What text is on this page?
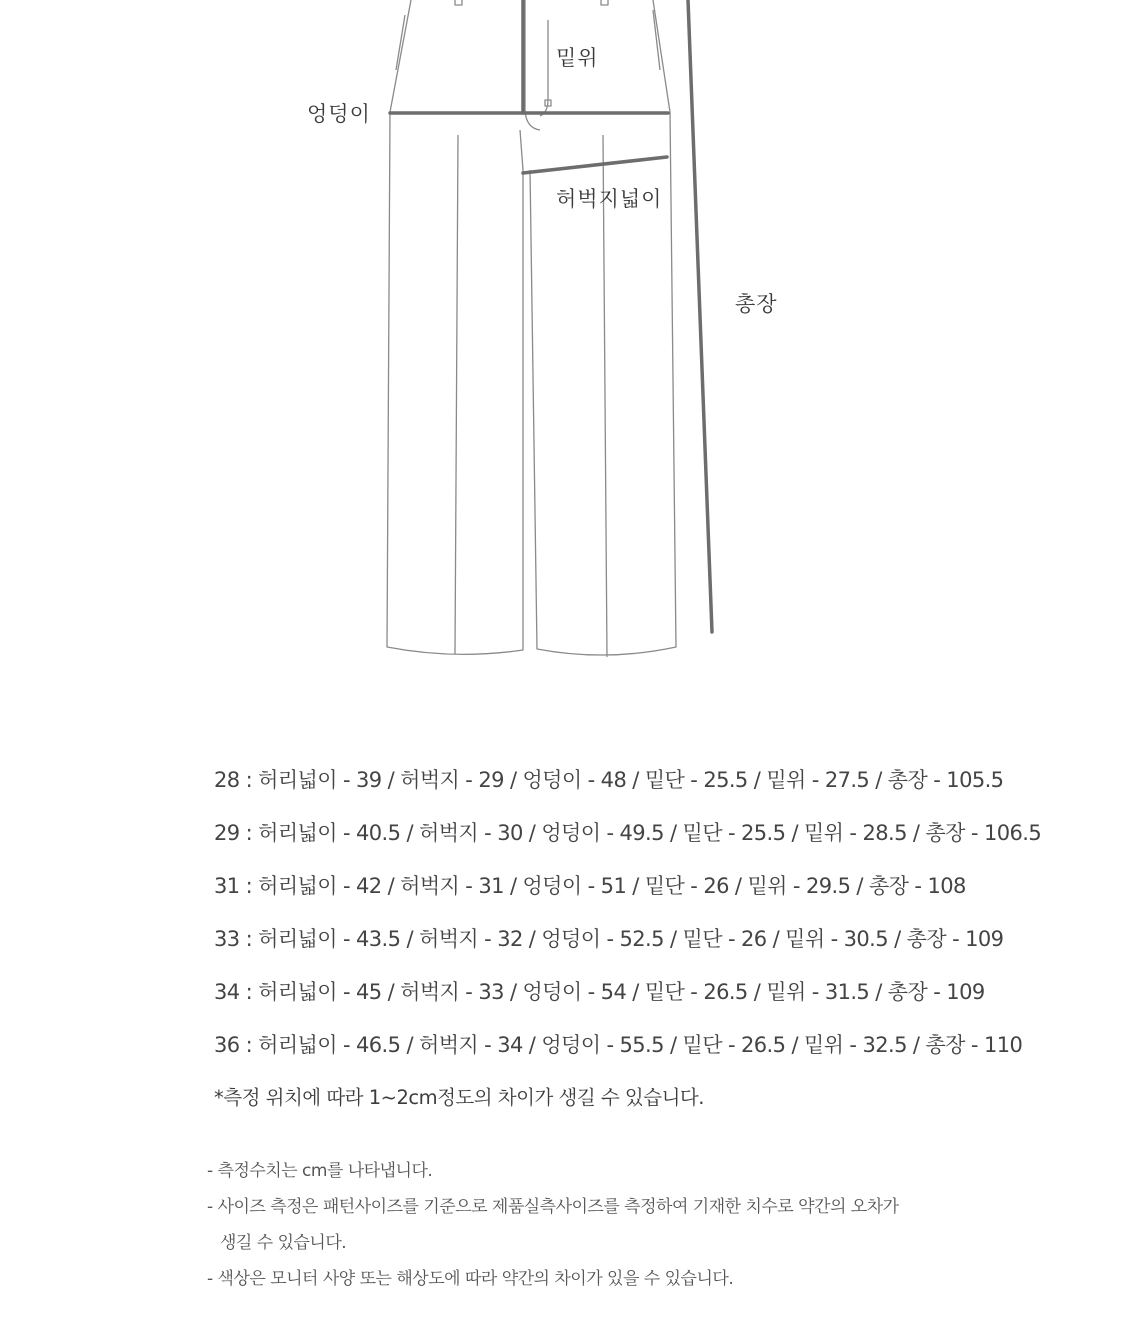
밑위
엉덩이
허벅지넓이
총장
28 : 허리넓이 - 39 / 허벅지 - 29 / 엉덩이 - 48 / 밑단 - 25.5 / 밑위 - 27.5 / 총장 - 105.5
29 : 허리넓이 - 40.5 / 허벅지 - 30 / 엉덩이 - 49.5 / 밑단 - 25.5 / 밑위 - 28.5 / 총장 - 106.5
31 : 허리넓이 - 42 / 허벅지 - 31 / 엉덩이 - 51 / 밑단 - 26 / 밑위 - 29.5 / 총장 - 108
33 : 허리넓이 - 43.5 / 허벅지 - 32 / 엉덩이 - 52.5 / 밑단 - 26 / 밑위 - 30.5 / 총장 - 109
34 : 허리넓이 - 45 / 허벅지 - 33 / 엉덩이 - 54 / 밑단 - 26.5 / 밑위 - 31.5 / 총장 - 109
36 : 허리넓이 - 46.5 / 허벅지 - 34 / 엉덩이 - 55.5 / 밑단 - 26.5 / 밑위 - 32.5 / 총장 - 110
*측정 위치에 따라 1~2cm정도의 차이가 생길 수 있습니다.
- 측정수치는 cm를 나타냅니다.
- 사이즈 측정은 패턴사이즈를 기준으로 제품실측사이즈를 측정하여 기재한 치수로 약간의 오차가
생길 수 있습니다.
- 색상은 모니터 사양 또는 해상도에 따라 약간의 차이가 있을 수 있습니다.
